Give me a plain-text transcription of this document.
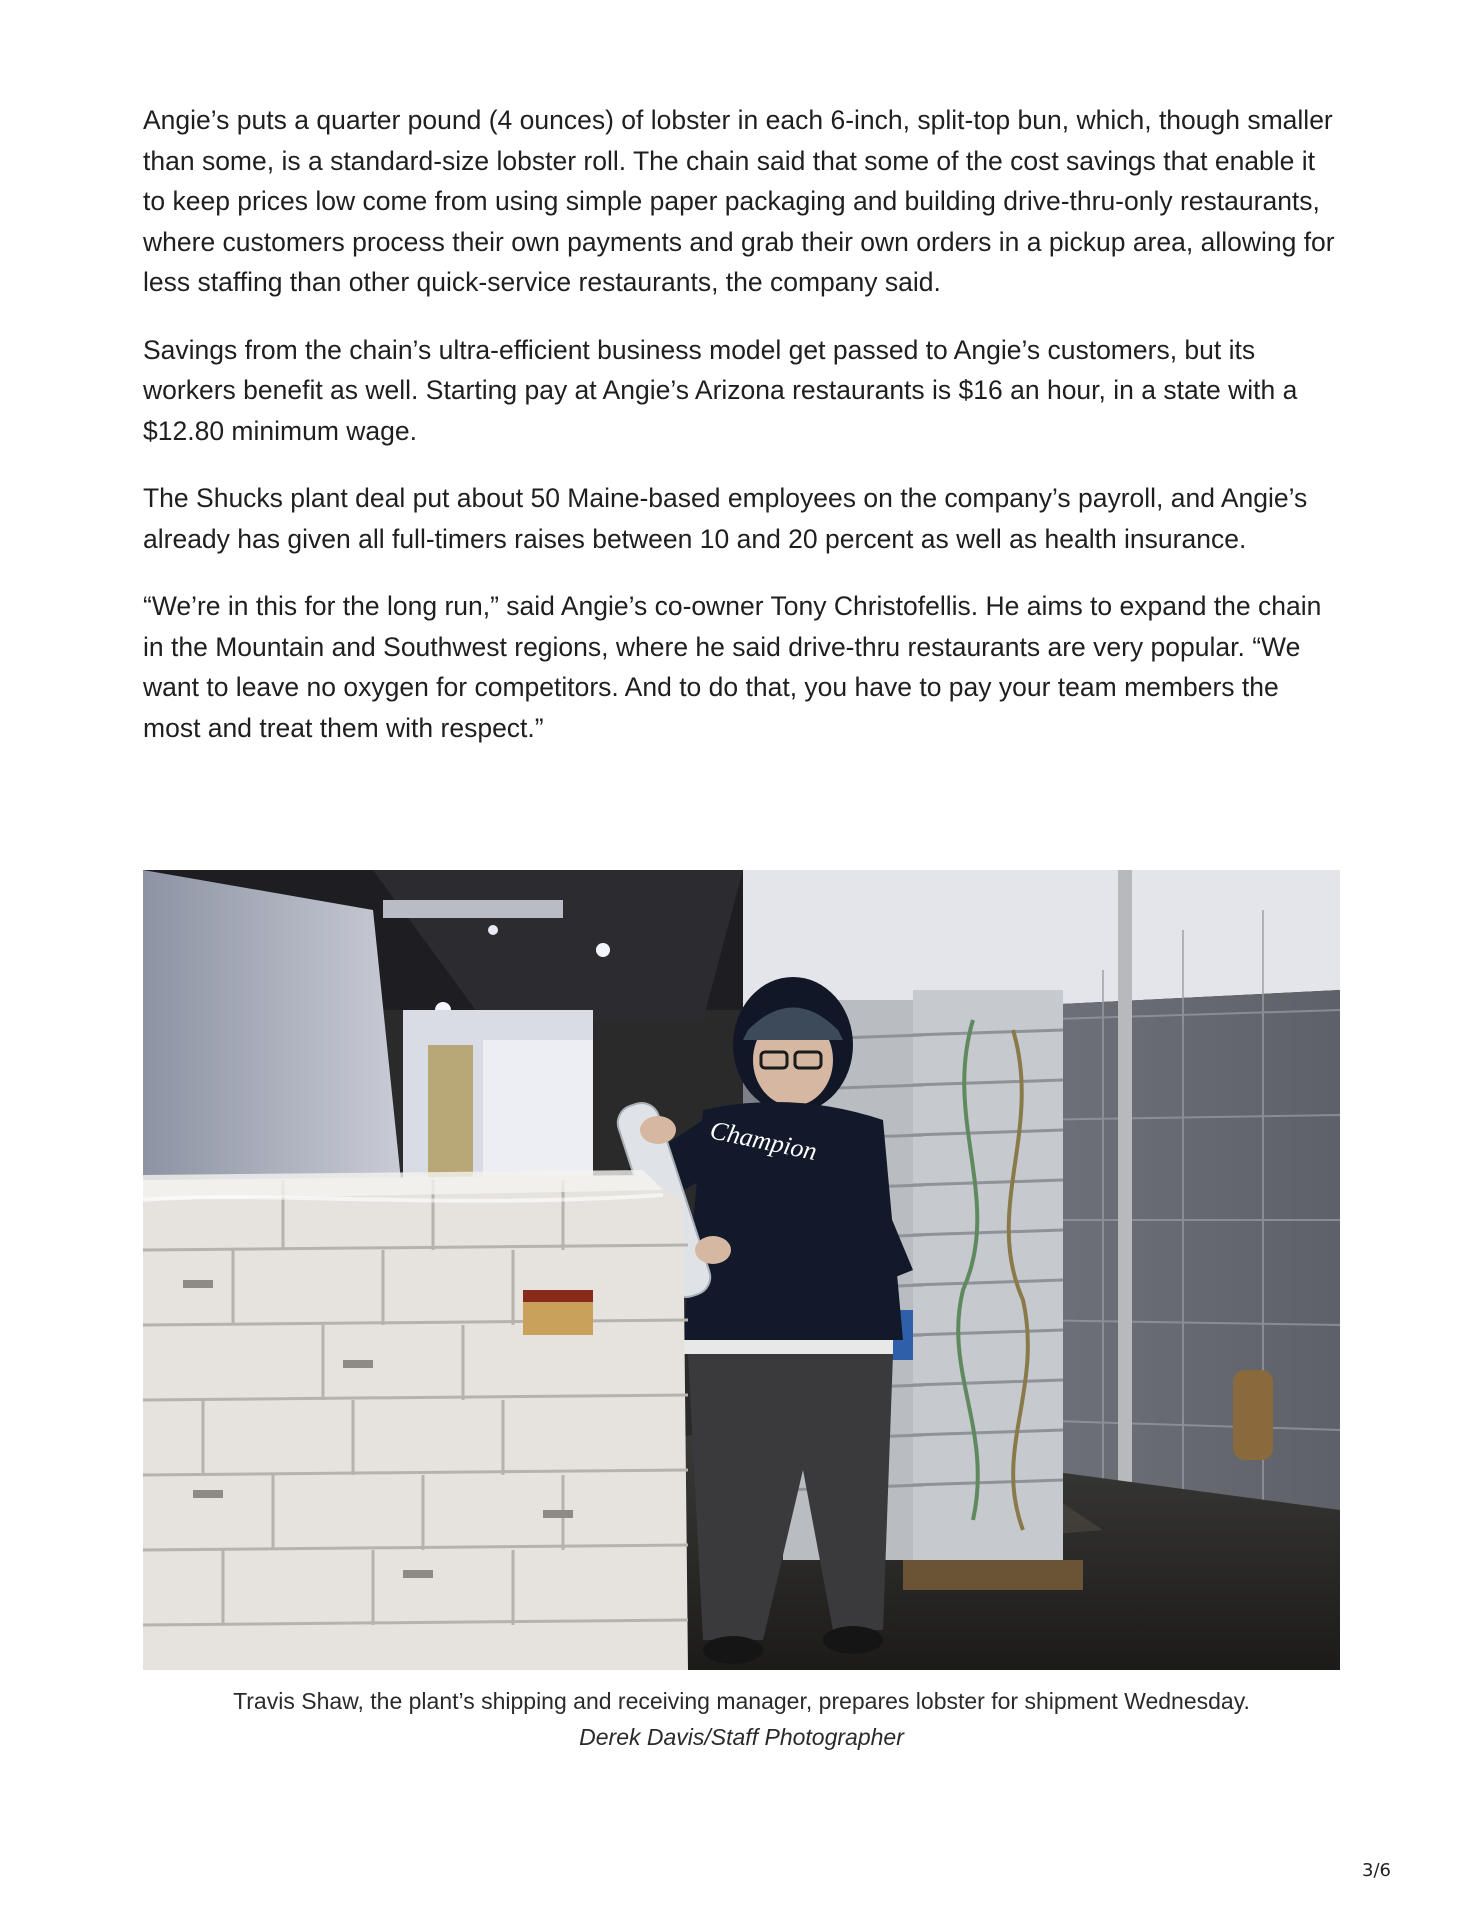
Angie’s puts a quarter pound (4 ounces) of lobster in each 6-inch, split-top bun, which, though smaller than some, is a standard-size lobster roll. The chain said that some of the cost savings that enable it to keep prices low come from using simple paper packaging and building drive-thru-only restaurants, where customers process their own payments and grab their own orders in a pickup area, allowing for less staffing than other quick-service restaurants, the company said.

Savings from the chain’s ultra-efficient business model get passed to Angie’s customers, but its workers benefit as well. Starting pay at Angie’s Arizona restaurants is $16 an hour, in a state with a $12.80 minimum wage.

The Shucks plant deal put about 50 Maine-based employees on the company’s payroll, and Angie’s already has given all full-timers raises between 10 and 20 percent as well as health insurance.

“We’re in this for the long run,” said Angie’s co-owner Tony Christofellis. He aims to expand the chain in the Mountain and Southwest regions, where he said drive-thru restaurants are very popular. “We want to leave no oxygen for competitors. And to do that, you have to pay your team members the most and treat them with respect.”

Champion
Travis Shaw, the plant’s shipping and receiving manager, prepares lobster for shipment Wednesday.
Derek Davis/Staff Photographer
3/6
